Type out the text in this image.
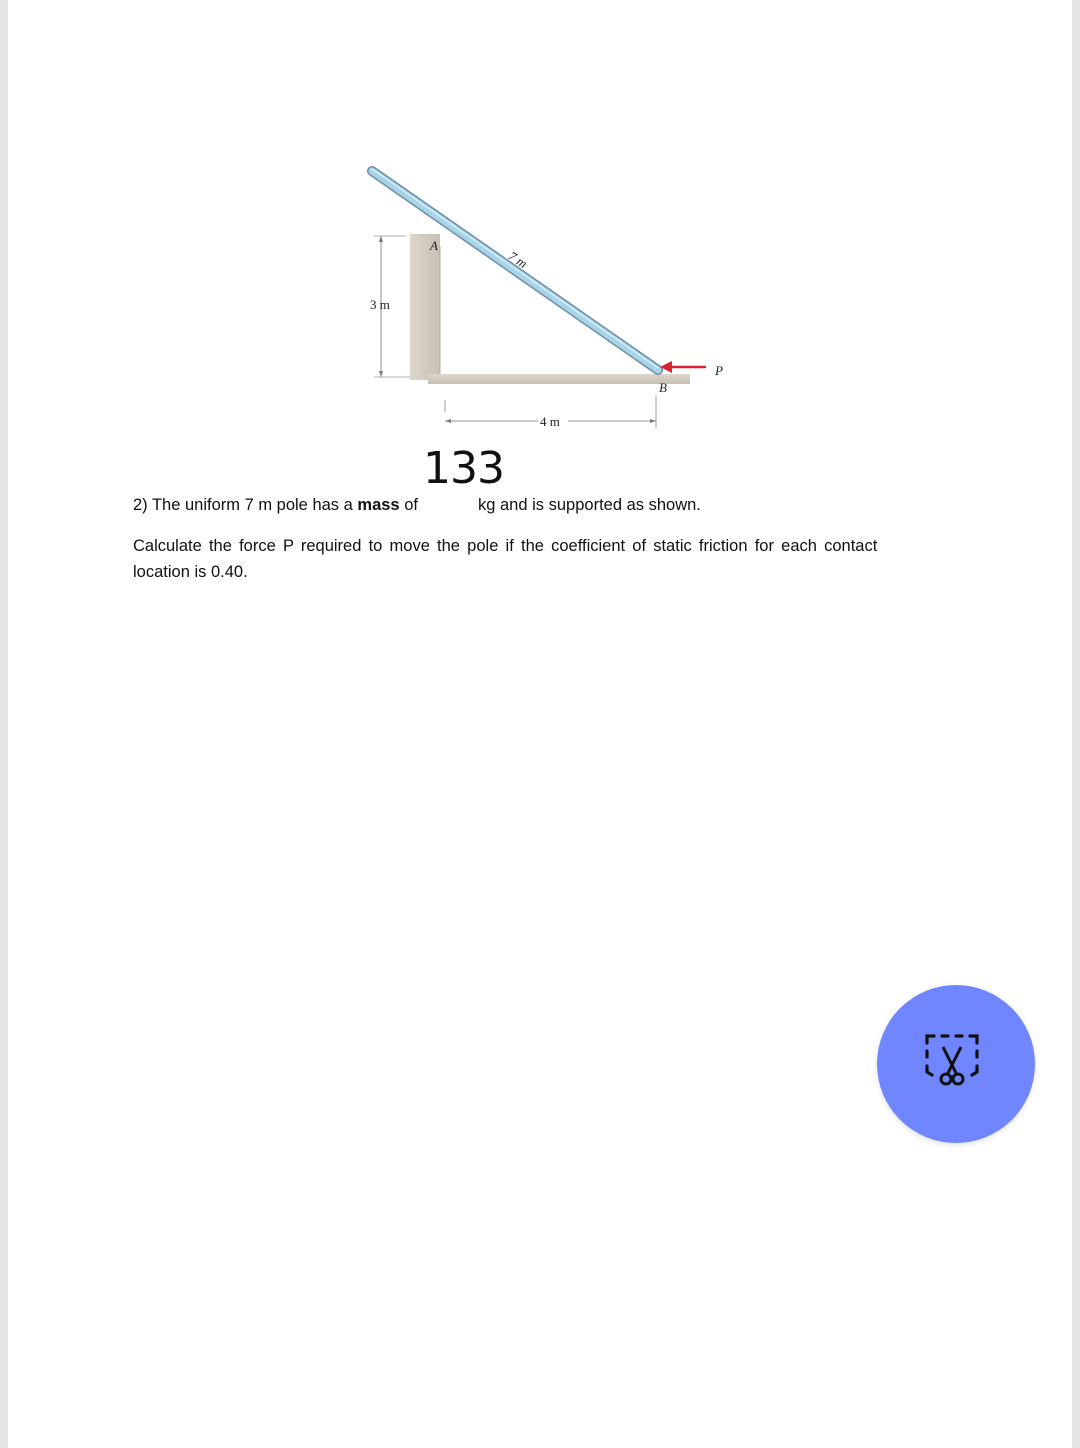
A
7 m
3 m
P
B
4 m
133
2) The uniform 7 m pole has a mass of	kg and is supported as shown.
Calculate the force P required to move the pole if the coefficient of static friction for each contact
location is 0.40.
